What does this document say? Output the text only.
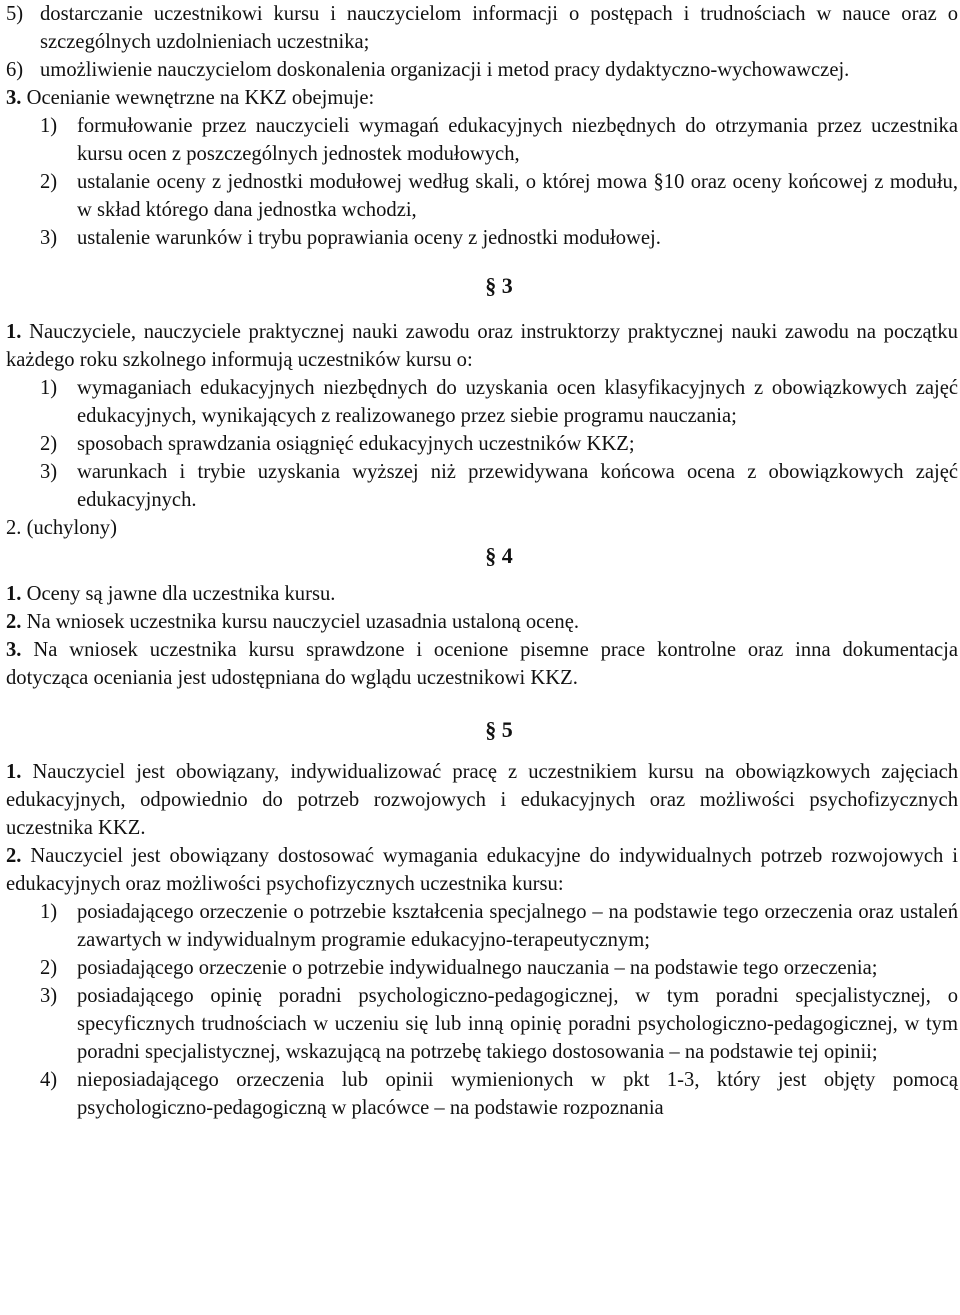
5) dostarczanie uczestnikowi kursu i nauczycielom informacji o postępach i trudnościach w nauce oraz o szczególnych uzdolnieniach uczestnika;
6) umożliwienie nauczycielom doskonalenia organizacji i metod pracy dydaktyczno-wychowawczej.

3. Ocenianie wewnętrzne na KKZ obejmuje:

1) formułowanie przez nauczycieli wymagań edukacyjnych niezbędnych do otrzymania przez uczestnika kursu ocen z poszczególnych jednostek modułowych,
2) ustalanie oceny z jednostki modułowej według skali, o której mowa §10 oraz oceny końcowej z modułu, w skład którego dana jednostka wchodzi,
3) ustalenie warunków i trybu poprawiania oceny z jednostki modułowej.
§ 3

1. Nauczyciele, nauczyciele praktycznej nauki zawodu oraz instruktorzy praktycznej nauki zawodu na początku każdego roku szkolnego informują uczestników kursu o:

1) wymaganiach edukacyjnych niezbędnych do uzyskania ocen klasyfikacyjnych z obowiązkowych zajęć edukacyjnych, wynikających z realizowanego przez siebie programu nauczania;
2) sposobach sprawdzania osiągnięć edukacyjnych uczestników KKZ;
3) warunkach i trybie uzyskania wyższej niż przewidywana końcowa ocena z obowiązkowych zajęć edukacyjnych.

2. (uchylony)

§ 4

1. Oceny są jawne dla uczestnika kursu.

2. Na wniosek uczestnika kursu nauczyciel uzasadnia ustaloną ocenę.

3. Na wniosek uczestnika kursu sprawdzone i ocenione pisemne prace kontrolne oraz inna dokumentacja dotycząca oceniania jest udostępniana do wglądu uczestnikowi KKZ.

§ 5

1. Nauczyciel jest obowiązany, indywidualizować pracę z uczestnikiem kursu na obowiązkowych zajęciach edukacyjnych, odpowiednio do potrzeb rozwojowych i edukacyjnych oraz możliwości psychofizycznych uczestnika KKZ.

2. Nauczyciel jest obowiązany dostosować wymagania edukacyjne do indywidualnych potrzeb rozwojowych i edukacyjnych oraz możliwości psychofizycznych uczestnika kursu:

1) posiadającego orzeczenie o potrzebie kształcenia specjalnego – na podstawie tego orzeczenia oraz ustaleń zawartych w indywidualnym programie edukacyjno-terapeutycznym;
2) posiadającego orzeczenie o potrzebie indywidualnego nauczania – na podstawie tego orzeczenia;
3) posiadającego opinię poradni psychologiczno-pedagogicznej, w tym poradni specjalistycznej, o specyficznych trudnościach w uczeniu się lub inną opinię poradni psychologiczno-pedagogicznej, w tym poradni specjalistycznej, wskazującą na potrzebę takiego dostosowania – na podstawie tej opinii;
4) nieposiadającego orzeczenia lub opinii wymienionych w pkt 1-3, który jest objęty pomocą psychologiczno-pedagogiczną w placówce – na podstawie rozpoznania
